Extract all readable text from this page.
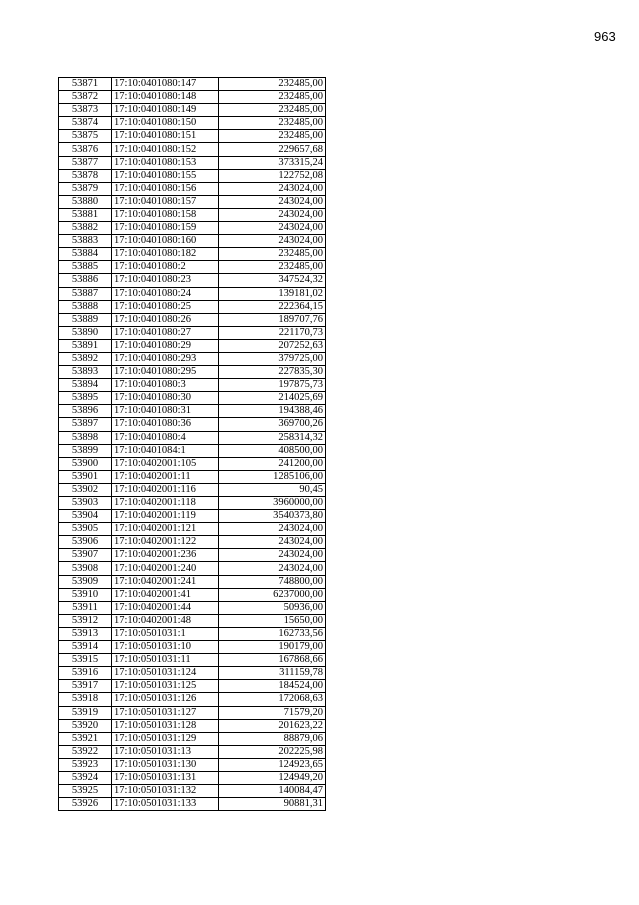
963
53871	17:10:0401080:147	232485,00
53872	17:10:0401080:148	232485,00
53873	17:10:0401080:149	232485,00
53874	17:10:0401080:150	232485,00
53875	17:10:0401080:151	232485,00
53876	17:10:0401080:152	229657,68
53877	17:10:0401080:153	373315,24
53878	17:10:0401080:155	122752,08
53879	17:10:0401080:156	243024,00
53880	17:10:0401080:157	243024,00
53881	17:10:0401080:158	243024,00
53882	17:10:0401080:159	243024,00
53883	17:10:0401080:160	243024,00
53884	17:10:0401080:182	232485,00
53885	17:10:0401080:2	232485,00
53886	17:10:0401080:23	347524,32
53887	17:10:0401080:24	139181,02
53888	17:10:0401080:25	222364,15
53889	17:10:0401080:26	189707,76
53890	17:10:0401080:27	221170,73
53891	17:10:0401080:29	207252,63
53892	17:10:0401080:293	379725,00
53893	17:10:0401080:295	227835,30
53894	17:10:0401080:3	197875,73
53895	17:10:0401080:30	214025,69
53896	17:10:0401080:31	194388,46
53897	17:10:0401080:36	369700,26
53898	17:10:0401080:4	258314,32
53899	17:10:0401084:1	408500,00
53900	17:10:0402001:105	241200,00
53901	17:10:0402001:11	1285106,00
53902	17:10:0402001:116	90,45
53903	17:10:0402001:118	3960000,00
53904	17:10:0402001:119	3540373,80
53905	17:10:0402001:121	243024,00
53906	17:10:0402001:122	243024,00
53907	17:10:0402001:236	243024,00
53908	17:10:0402001:240	243024,00
53909	17:10:0402001:241	748800,00
53910	17:10:0402001:41	6237000,00
53911	17:10:0402001:44	50936,00
53912	17:10:0402001:48	15650,00
53913	17:10:0501031:1	162733,56
53914	17:10:0501031:10	190179,00
53915	17:10:0501031:11	167868,66
53916	17:10:0501031:124	311159,78
53917	17:10:0501031:125	184524,00
53918	17:10:0501031:126	172068,63
53919	17:10:0501031:127	71579,20
53920	17:10:0501031:128	201623,22
53921	17:10:0501031:129	88879,06
53922	17:10:0501031:13	202225,98
53923	17:10:0501031:130	124923,65
53924	17:10:0501031:131	124949,20
53925	17:10:0501031:132	140084,47
53926	17:10:0501031:133	90881,31
